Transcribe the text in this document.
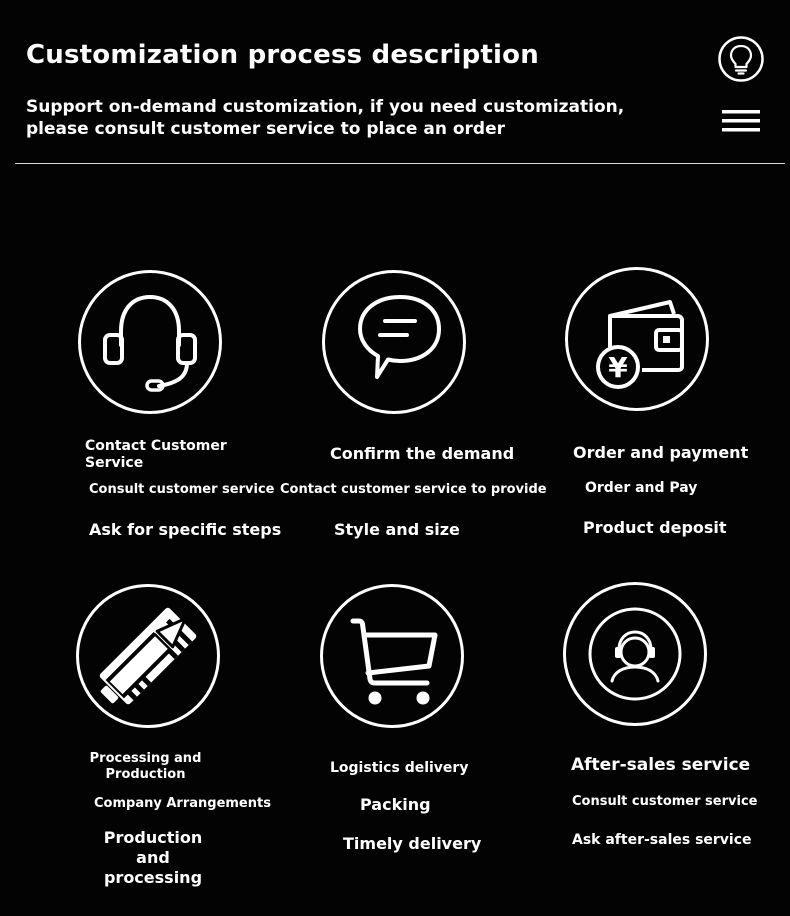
Customization process description
Support on-demand customization, if you need customization, please consult customer service to place an order
Contact Customer Service
Consult customer service
Ask for specific steps
Confirm the demand
Contact customer service to provide
Style and size
¥
Order and payment
Order and Pay
Product deposit
Processing and Production
Company Arrangements
Production and processing
Logistics delivery
Packing
Timely delivery
After-sales service
Consult customer service
Ask after-sales service
